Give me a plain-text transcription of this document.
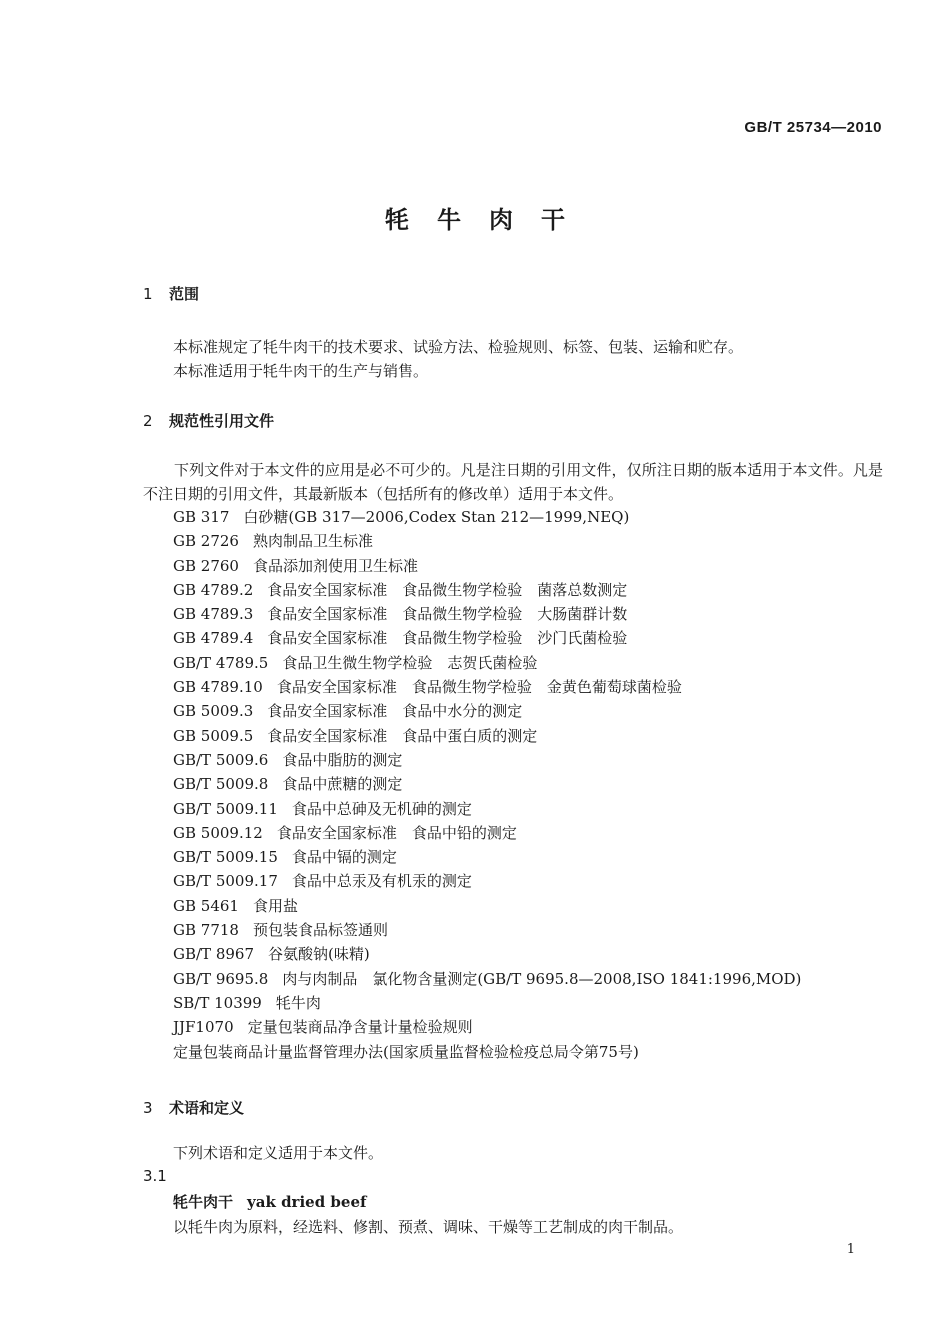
GB/T 25734—2010
牦牛肉干
1 范围
本标准规定了牦牛肉干的技术要求、试验方法、检验规则、标签、包装、运输和贮存。
本标准适用于牦牛肉干的生产与销售。
2 规范性引用文件
下列文件对于本文件的应用是必不可少的。凡是注日期的引用文件，仅所注日期的版本适用于本文件。凡是不注日期的引用文件，其最新版本（包括所有的修改单）适用于本文件。
GB 317 白砂糖(GB 317—2006,Codex Stan 212—1999,NEQ)
GB 2726 熟肉制品卫生标准
GB 2760 食品添加剂使用卫生标准
GB 4789.2 食品安全国家标准　食品微生物学检验　菌落总数测定
GB 4789.3 食品安全国家标准　食品微生物学检验　大肠菌群计数
GB 4789.4 食品安全国家标准　食品微生物学检验　沙门氏菌检验
GB/T 4789.5 食品卫生微生物学检验　志贺氏菌检验
GB 4789.10 食品安全国家标准　食品微生物学检验　金黄色葡萄球菌检验
GB 5009.3 食品安全国家标准　食品中水分的测定
GB 5009.5 食品安全国家标准　食品中蛋白质的测定
GB/T 5009.6 食品中脂肪的测定
GB/T 5009.8 食品中蔗糖的测定
GB/T 5009.11 食品中总砷及无机砷的测定
GB 5009.12 食品安全国家标准　食品中铅的测定
GB/T 5009.15 食品中镉的测定
GB/T 5009.17 食品中总汞及有机汞的测定
GB 5461 食用盐
GB 7718 预包装食品标签通则
GB/T 8967 谷氨酸钠(味精)
GB/T 9695.8 肉与肉制品　氯化物含量测定(GB/T 9695.8—2008,ISO 1841:1996,MOD)
SB/T 10399 牦牛肉
JJF1070 定量包装商品净含量计量检验规则
定量包装商品计量监督管理办法(国家质量监督检验检疫总局令第75号)
3 术语和定义
下列术语和定义适用于本文件。
3.1
牦牛肉干 yak dried beef
以牦牛肉为原料，经选料、修割、预煮、调味、干燥等工艺制成的肉干制品。
1
